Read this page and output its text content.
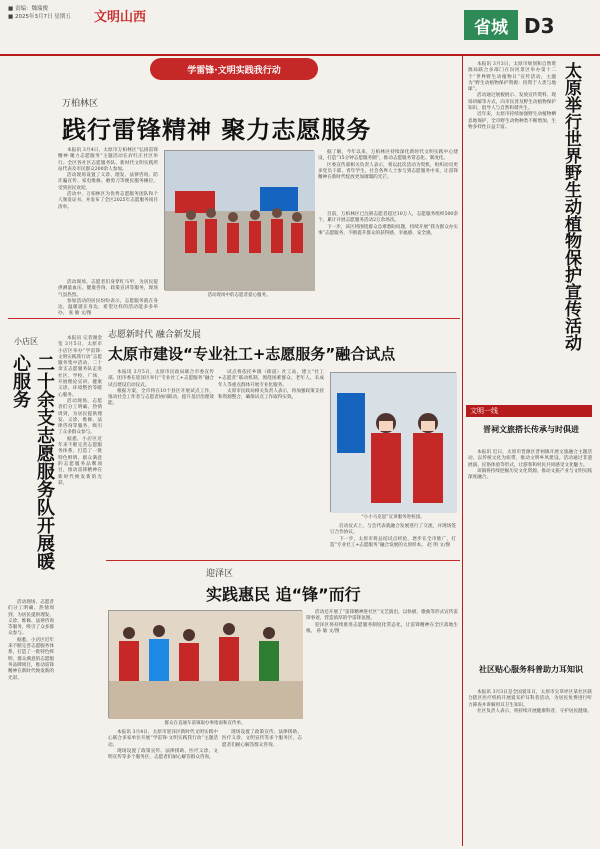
■ 责编：魏瑞俊
■ 2025年3月7日 星期五 文明山西	省城 D3
学雷锋·文明实践我行动
万柏林区
践行雷锋精神 聚力志愿服务

本报讯 3月4日，太原市万柏林区“弘扬雷锋精神·聚力志愿服务”主题活动在府红庄社区举行。全区各社区志愿服务队、新时代文明实践所站代表及市民群众200余人参加。

活动现场设置了义诊、理发、法律咨询、防诈骗宣传、家电维修、磨剪刀等便民服务摊位，受到居民欢迎。

活动中，万柏林区为优秀志愿服务团队和个人颁发证书，并发布了全区2025年志愿服务项目清单。

活动现场中的志愿者爱心服务。

据了解，今年以来，万柏林区持续深化新时代文明实践中心建设，打造“15分钟志愿服务圈”，推动志愿服务常态化、制度化。

区委宣传部相关负责人表示，将以此次活动为契机，组织动员更多党员干部、青年学生、社会各界人士参与到志愿服务中来，让雷锋精神在新时代绽放更加璀璨的光芒。

目前，万柏林区已注册志愿者超过10万人，志愿服务组织500余个，累计开展志愿服务活动2万余场次。

下一步，该区将围绕群众急难愁盼问题，持续开展“我为群众办实事”志愿服务，不断提升群众的获得感、幸福感、安全感。

活动现场，志愿者们身穿红马甲，为居民提供测量血压、健康咨询、政策宣讲等服务，现场气氛热烈。

参加活动的居民纷纷表示，志愿服务就在身边，温暖就在身边，希望这样的活动能多多举办。 张 敏 文/图

小店区
二十余支志愿服务队开展暖心服务

本报讯 记者谢金玺 3月5日，太原市小店区举办“学雷锋·文明实践我行动”志愿服务集中活动，二十余支志愿服务队走进社区、学校、广场，开展理论宣讲、健康义诊、环境整治等暖心服务。

活动现场，志愿者们分工明确、热情周到，为居民提供理发、义诊、维修、法律咨询等服务，吸引了众多群众参与。

据悉，小店区近年来不断完善志愿服务体系，打造了一批特色鲜明、群众满意的志愿服务品牌项目，推动雷锋精神在新时代焕发新的光彩。

活动现场，志愿者们分工明确、热情周到，为居民提供理发、义诊、维修、法律咨询等服务，吸引了众多群众参与。

据悉，小店区近年来不断完善志愿服务体系，打造了一批特色鲜明、群众满意的志愿服务品牌项目，推动雷锋精神在新时代焕发新的光彩。

志愿新时代 融合新发展
太原市建设“专业社工+志愿服务”融合试点

本报讯 3月5日，太原市民政局联合市委宣传部、团市委在迎泽区举行“专业社工+志愿服务”融合试点建设启动仪式。

根据方案，全市将在10个县区开展试点工作，推动社会工作者与志愿者协同联动，提升基层治理效能。

试点将依托乡镇（街道）社工站，建立“社工+志愿者”联动机制，围绕困难群众、老年人、未成年人等重点群体开展专业化服务。

太原市民政局相关负责人表示，将加强政策支持和资源整合，确保试点工作取得实效。

“小小马克思”宣讲服务进校园。

启动仪式上，与会代表就融合发展进行了交流，并现场签订合作协议。

下一步，太原市将总结试点经验，逐步在全市推广，打造“专业社工+志愿服务”融合发展的太原样本。 赵 明 文/图

迎泽区
实践惠民 追“锋”而行
群众在直通车前领取办事指南和宣传单。

本报讯 3月4日，太原市迎泽区新时代文明实践中心联合多家单位开展“学雷锋·文明实践我行动”主题活动。

现场设置了政策宣传、法律援助、医疗义诊、文明宣传等多个服务区，志愿者们耐心解答群众咨询。

活动还开展了“雷锋精神进社区”文艺演出，以快板、歌曲等形式宣传雷锋事迹，营造浓厚的学雷锋氛围。

迎泽区将持续推进志愿服务制度化常态化，让雷锋精神在全区落地生根。 孙 敏 文/图

现场设置了政策宣传、法律援助、医疗义诊、文明宣传等多个服务区，志愿者们耐心解答群众咨询。

本报讯 3月3日，太原市规划和自然资源局联合多部门在汾河景区举办第十二个“世界野生动植物日”宣传活动，主题为“野生动植物保护资源：投资于人类与地球”。

活动通过展板展示、发放宣传资料、现场讲解等方式，向市民普及野生动植物保护知识，倡导人与自然和谐共生。

近年来，太原市持续加强野生动植物栖息地保护，全市野生动物种类不断增加，生物多样性日益丰富。	太原举行世界野生动植物保护宣传活动
文明一线
晋祠文旅搭长传承与时俱进

本报讯 近日，太原市晋源区晋祠镇开展文旅融合主题活动，以传统文化为纽带，推动文明乡风建设。活动通过非遗展演、民俗体验等形式，让游客和村民共同感受文化魅力。

该镇将持续挖掘历史文化资源，推动文旅产业与文明实践深度融合。

社区贴心服务科普助力耳知识

本报讯 3月3日是全国爱耳日，太原市尖草坪区某社区联合辖区医疗机构开展爱耳护耳科普活动，为居民免费进行听力筛查并讲解用耳卫生知识。

社区负责人表示，将持续开展健康科普，守护居民健康。
